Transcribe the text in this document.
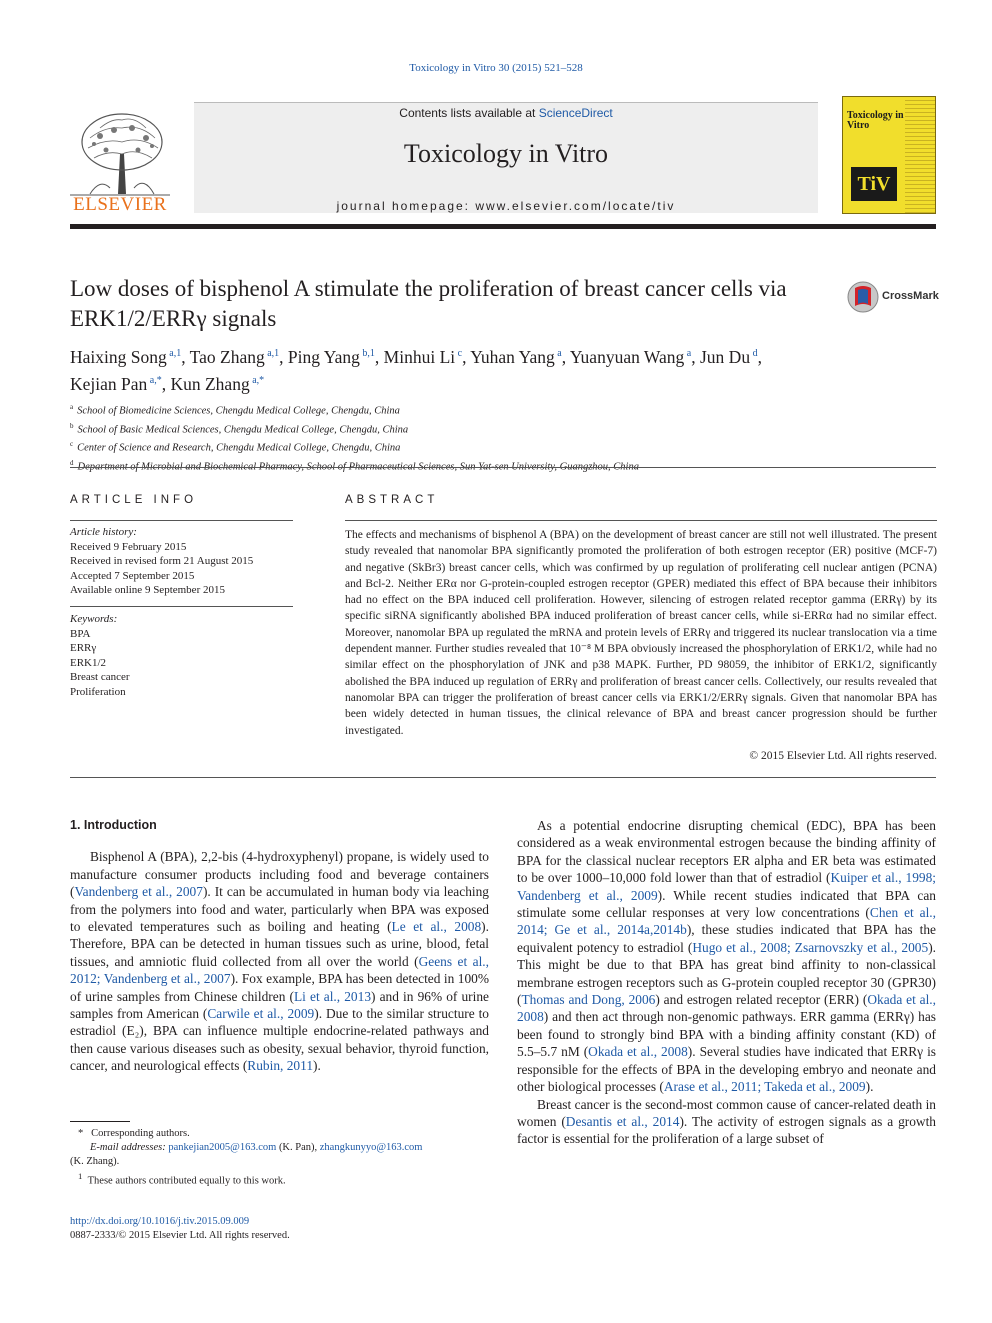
Toxicology in Vitro 30 (2015) 521–528
ELSEVIER
Contents lists available at ScienceDirect
Toxicology in Vitro
journal homepage: www.elsevier.com/locate/tiv
Toxicology in Vitro
TiV
Low doses of bisphenol A stimulate the proliferation of breast cancer cells via ERK1/2/ERRγ signals
CrossMark
Haixing Song $^{a,1}$, Tao Zhang $^{a,1}$, Ping Yang $^{b,1}$, Minhui Li $^c$, Yuhan Yang $^a$, Yuanyuan Wang $^a$, Jun Du $^d$,
Kejian Pan $^{a,*}$, Kun Zhang $^{a,*}$
$^a$ School of Biomedicine Sciences, Chengdu Medical College, Chengdu, China
$^b$ School of Basic Medical Sciences, Chengdu Medical College, Chengdu, China
$^c$ Center of Science and Research, Chengdu Medical College, Chengdu, China
$^d$
ARTICLE INFO
Article history:
Received 9 February 2015
Received in revised form 21 August 2015
Accepted 7 September 2015
Available online 9 September 2015
Keywords:
BPA
ERRγ
ERK1/2
Breast cancer
Proliferation
ABSTRACT
The effects and mechanisms of bisphenol A (BPA) on the development of breast cancer are still not well illustrated. The present study revealed that nanomolar BPA significantly promoted the proliferation of both estrogen receptor (ER) positive (MCF-7) and negative (SkBr3) breast cancer cells, which was confirmed by up regulation of proliferating cell nuclear antigen (PCNA) and Bcl-2. Neither ERα nor G-protein-coupled estrogen receptor (GPER) mediated this effect of BPA because their inhibitors had no effect on the BPA induced cell proliferation. However, silencing of estrogen related receptor gamma (ERRγ) by its specific siRNA significantly abolished BPA induced proliferation of breast cancer cells, while si-ERRα had no similar effect. Moreover, nanomolar BPA up regulated the mRNA and protein levels of ERRγ and triggered its nuclear translocation via a time dependent manner. Further studies revealed that 10⁻⁸ M BPA obviously increased the phosphorylation of ERK1/2, while had no similar effect on the phosphorylation of JNK and p38 MAPK. Further, PD 98059, the inhibitor of ERK1/2, significantly abolished the BPA induced up regulation of ERRγ and proliferation of breast cancer cells. Collectively, our results revealed that nanomolar BPA can trigger the proliferation of breast cancer cells via ERK1/2/ERRγ signals. Given that nanomolar BPA has been widely detected in human tissues, the clinical relevance of BPA and breast cancer progression should be further investigated.
© 2015 Elsevier Ltd. All rights reserved.
1. Introduction

Bisphenol A (BPA), 2,2-bis (4-hydroxyphenyl) propane, is widely used to manufacture consumer products including food and beverage containers (Vandenberg et al., 2007). It can be accumulated in human body via leaching from the polymers into food and water, particularly when BPA was exposed to elevated temperatures such as boiling and heating (Le et al., 2008). Therefore, BPA can be detected in human tissues such as urine, blood, fetal tissues, and amniotic fluid collected from all over the world (Geens et al., 2012; Vandenberg et al., 2007). Fox example, BPA has been detected in 100% of urine samples from Chinese children (Li et al., 2013) and in 96% of urine samples from American (Carwile et al., 2009). Due to the similar structure to estradiol (E₂), BPA can influence multiple endocrine-related pathways and then cause various diseases such as obesity, sexual behavior, thyroid function, cancer, and neurological effects (Rubin, 2011).

As a potential endocrine disrupting chemical (EDC), BPA has been considered as a weak environmental estrogen because the binding affinity of BPA for the classical nuclear receptors ER alpha and ER beta was estimated to be over 1000–10,000 fold lower than that of estradiol (Kuiper et al., 1998; Vandenberg et al., 2009). While recent studies indicated that BPA can stimulate some cellular responses at very low concentrations (Chen et al., 2014; Ge et al., 2014a,2014b), these studies indicated that BPA has the equivalent potency to estradiol (Hugo et al., 2008; Zsarnovszky et al., 2005). This might be due to that BPA has great bind affinity to non-classical membrane estrogen receptors such as G-protein coupled receptor 30 (GPR30) (Thomas and Dong, 2006) and estrogen related receptor (ERR) (Okada et al., 2008) and then act through non-genomic pathways. ERR gamma (ERRγ) has been found to strongly bind BPA with a binding affinity constant (KD) of 5.5–5.7 nM (Okada et al., 2008). Several studies have indicated that ERRγ is responsible for the effects of BPA in the developing embryo and neonate and other biological processes (Arase et al., 2011; Takeda et al., 2009).

Breast cancer is the second-most common cause of cancer-related death in women (Desantis et al., 2014). The activity of estrogen signals as a growth factor is essential for the proliferation of a large subset of

*   Corresponding authors.
E-mail addresses: pankejian2005@163.com (K. Pan), zhangkunyyo@163.com
(K. Zhang).
$^1$ These authors contributed equally to this work.
http://dx.doi.org/10.1016/j.tiv.2015.09.009
0887-2333/© 2015 Elsevier Ltd. All rights reserved.
